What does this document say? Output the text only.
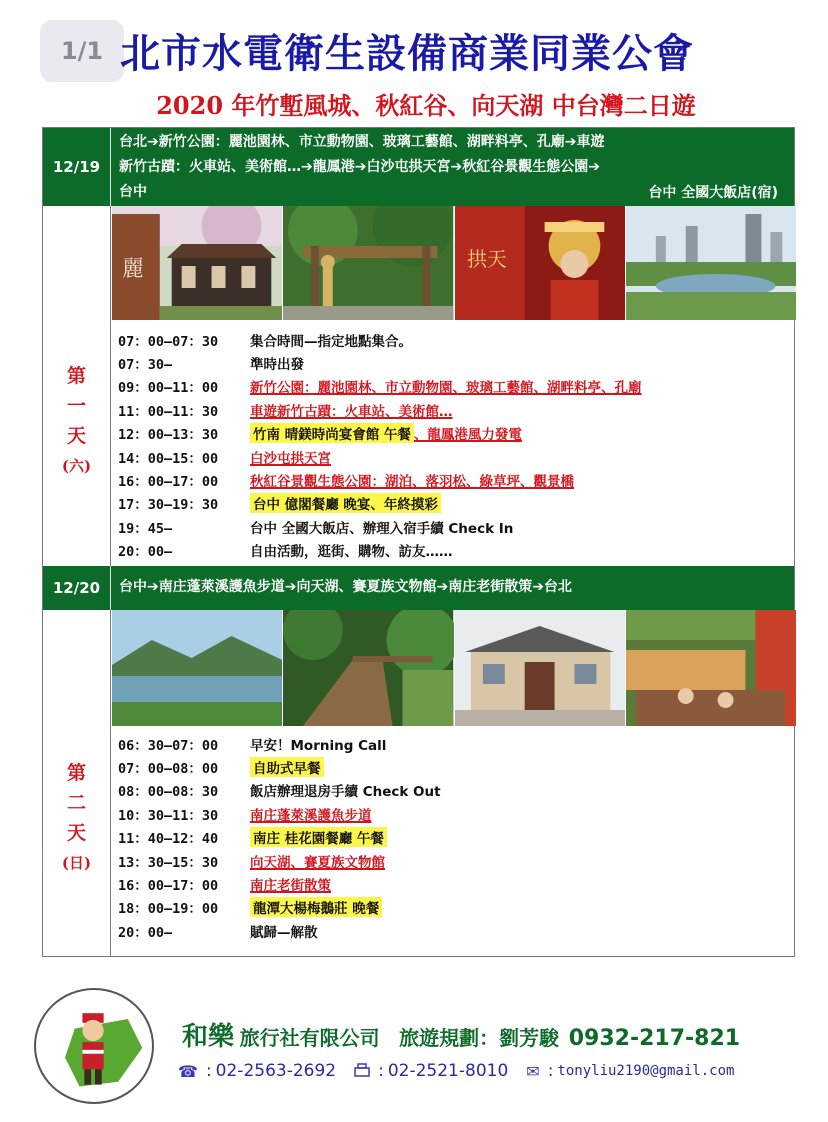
1/1 北市水電衛生設備商業同業公會
2020 年竹塹風城、秋紅谷、向天湖 中台灣二日遊
12/19
台北➔新竹公園：麗池園林、市立動物園、玻璃工藝館、湖畔料亭、孔廟➔車遊
新竹古蹟：火車站、美術館…➔龍鳳港➔白沙屯拱天宮➔秋紅谷景觀生態公園➔
台中	台中 全國大飯店(宿)
第
一
天
(六)
麗	拱天
07：00—07：30	集合時間—指定地點集合。
07：30—	準時出發
09：00—11：00	新竹公園：麗池園林、市立動物園、玻璃工藝館、湖畔料亭、孔廟
11：00—11：30	車遊新竹古蹟：火車站、美術館…
12：00—13：30	竹南 晴鎂時尚宴會館 午餐 、龍鳳港風力發電
14：00—15：00	白沙屯拱天宮
16：00—17：00	秋紅谷景觀生態公園：湖泊、落羽松、綠草坪、觀景橋
17：30—19：30	台中 億閣餐廳 晚宴、年終摸彩
19：45—	台中 全國大飯店、辦理入宿手續 Check In
20：00—	自由活動，逛街、購物、訪友……
12/20	台中➔南庄蓬萊溪護魚步道➔向天湖、賽夏族文物館➔南庄老街散策➔台北
第
二
天
(日)
06：30—07：00	早安！Morning Call
07：00—08：00	自助式早餐
08：00—08：30	飯店辦理退房手續 Check Out
10：30—11：30	南庄蓬萊溪護魚步道
11：40—12：40	南庄 桂花園餐廳 午餐
13：30—15：30	向天湖、賽夏族文物館
16：00—17：00	南庄老街散策
18：00—19：00	龍潭大楊梅鵝莊 晚餐
20：00—	賦歸—解散
和樂 旅行社有限公司 旅遊規劃：劉芳駿 0932-217-821
☎ : 02-2563-2692 : 02-2521-8010 ✉ : tonyliu2190@gmail.com
